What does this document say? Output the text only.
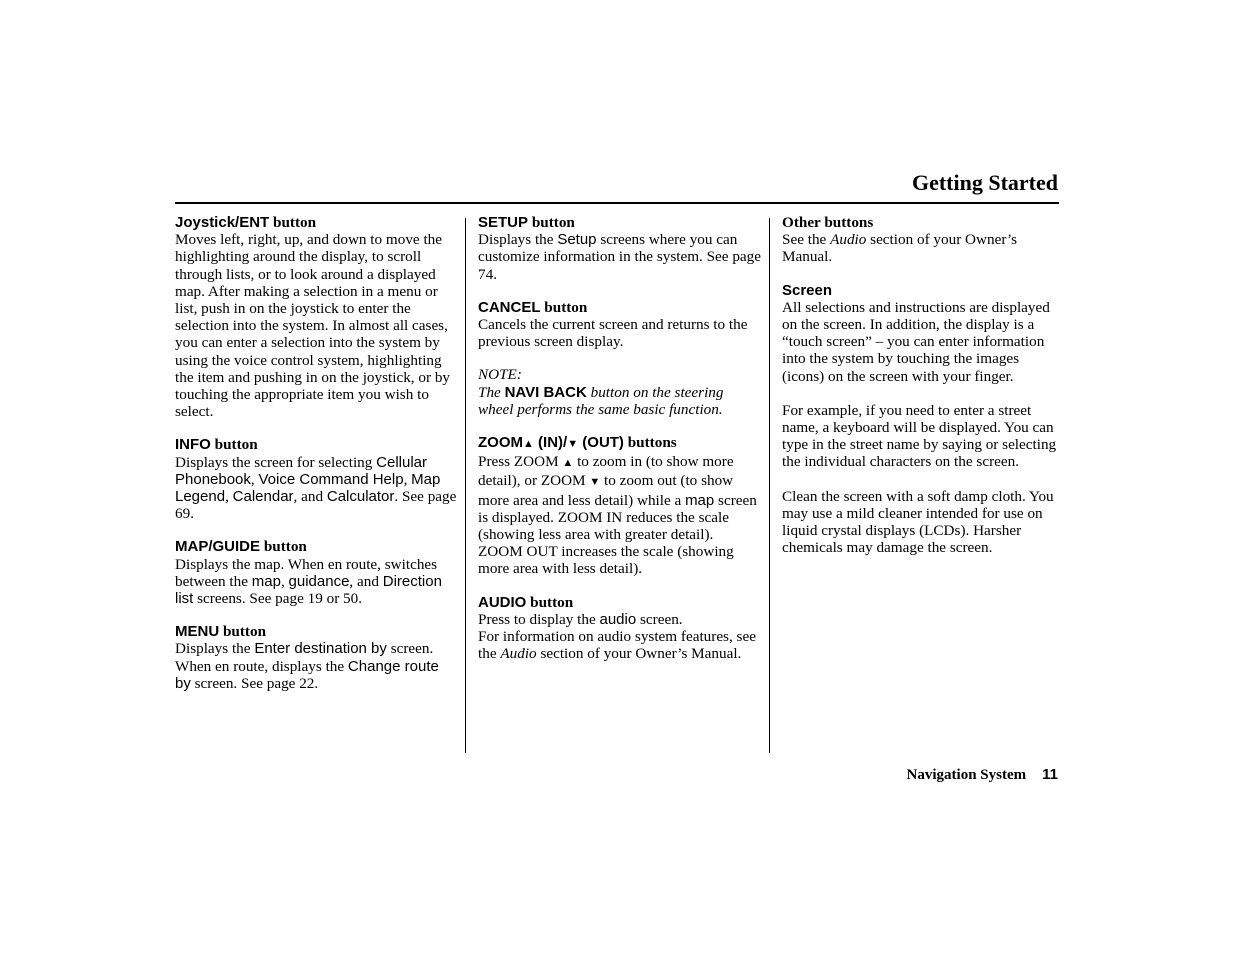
Getting Started
Joystick/ENT button
Moves left, right, up, and down to move the highlighting around the display, to scroll through lists, or to look around a displayed map. After making a selection in a menu or list, push in on the joystick to enter the selection into the system. In almost all cases, you can enter a selection into the system by using the voice control system, highlighting the item and pushing in on the joystick, or by touching the appropriate item you wish to select.
INFO button
Displays the screen for selecting Cellular Phonebook, Voice Command Help, Map Legend, Calendar, and Calculator. See page 69.
MAP/GUIDE button
Displays the map. When en route, switches between the map, guidance, and Direction list screens. See page 19 or 50.
MENU button
Displays the Enter destination by screen. When en route, displays the Change route by screen. See page 22.
SETUP button
Displays the Setup screens where you can customize information in the system. See page 74.
CANCEL button
Cancels the current screen and returns to the previous screen display.
NOTE:
The NAVI BACK button on the steering wheel performs the same basic function.
ZOOM▲ (IN)/▼ (OUT) buttons
Press ZOOM ▲ to zoom in (to show more detail), or ZOOM ▼ to zoom out (to show more area and less detail) while a map screen is displayed. ZOOM IN reduces the scale (showing less area with greater detail). ZOOM OUT increases the scale (showing more area with less detail).
AUDIO button
Press to display the audio screen.
For information on audio system features, see the Audio section of your Owner’s Manual.
Other buttons
See the Audio section of your Owner’s Manual.
Screen
All selections and instructions are displayed on the screen. In addition, the display is a “touch screen” – you can enter information into the system by touching the images (icons) on the screen with your finger.
For example, if you need to enter a street name, a keyboard will be displayed. You can type in the street name by saying or selecting the individual characters on the screen.
Clean the screen with a soft damp cloth. You may use a mild cleaner intended for use on liquid crystal displays (LCDs). Harsher chemicals may damage the screen.
Navigation System 11
